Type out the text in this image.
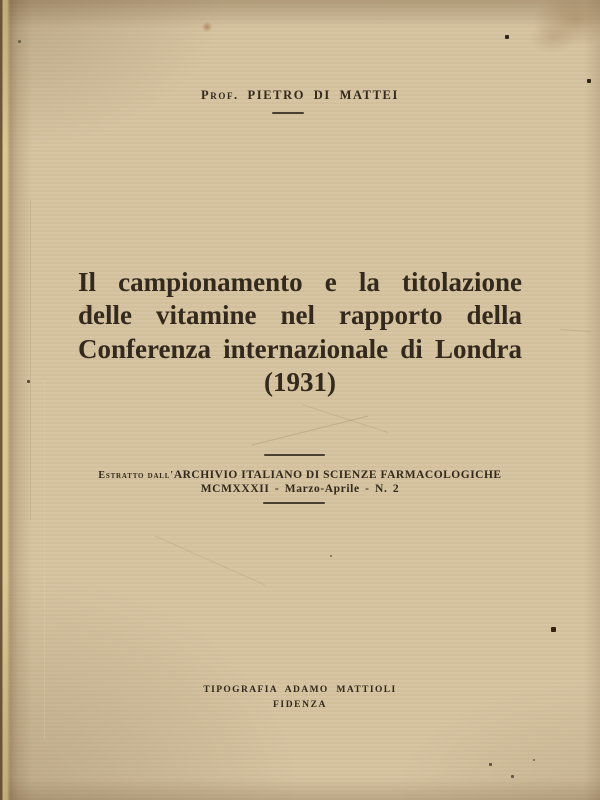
Prof. PIETRO DI MATTEI
Il campionamento e la titolazione
delle vitamine nel rapporto della
Conferenza internazionale di Londra
(1931)
Estratto dall'ARCHIVIO ITALIANO DI SCIENZE FARMACOLOGICHE
MCMXXXII - Marzo-Aprile - N. 2
TIPOGRAFIA ADAMO MATTIOLI
FIDENZA
